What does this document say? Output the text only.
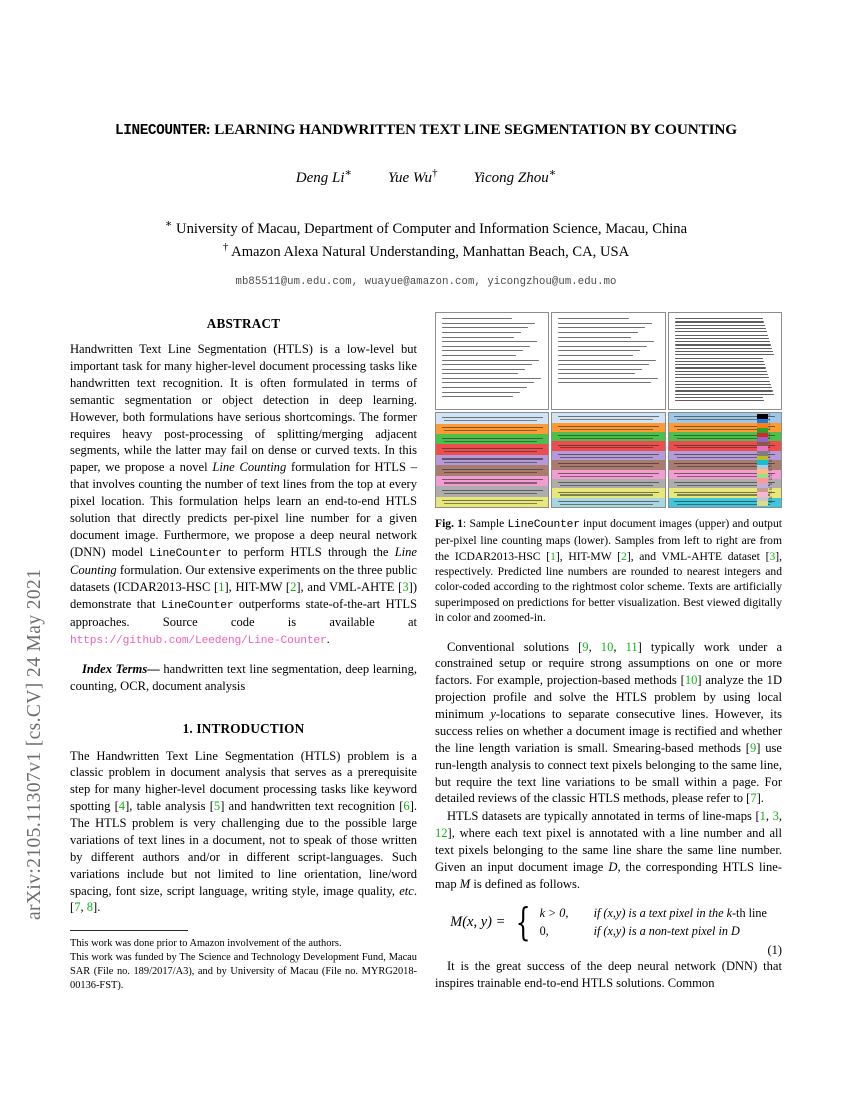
arXiv:2105.11307v1 [cs.CV] 24 May 2021
LINECOUNTER: LEARNING HANDWRITTEN TEXT LINE SEGMENTATION BY COUNTING
Deng Li∗ Yue Wu† Yicong Zhou∗
∗ University of Macau, Department of Computer and Information Science, Macau, China
† Amazon Alexa Natural Understanding, Manhattan Beach, CA, USA
mb85511@um.edu.com, wuayue@amazon.com, yicongzhou@um.edu.mo
ABSTRACT

Handwritten Text Line Segmentation (HTLS) is a low-level but important task for many higher-level document processing tasks like handwritten text recognition. It is often formulated in terms of semantic segmentation or object detection in deep learning. However, both formulations have serious shortcomings. The former requires heavy post-processing of splitting/merging adjacent segments, while the latter may fail on dense or curved texts. In this paper, we propose a novel Line Counting formulation for HTLS – that involves counting the number of text lines from the top at every pixel location. This formulation helps learn an end-to-end HTLS solution that directly predicts per-pixel line number for a given document image. Furthermore, we propose a deep neural network (DNN) model LineCounter to perform HTLS through the Line Counting formulation. Our extensive experiments on the three public datasets (ICDAR2013-HSC [1], HIT-MW [2], and VML-AHTE [3]) demonstrate that LineCounter outperforms state-of-the-art HTLS approaches. Source code is available at https://github.com/Leedeng/Line-Counter.

Index Terms— handwritten text line segmentation, deep learning, counting, OCR, document analysis

1. INTRODUCTION

The Handwritten Text Line Segmentation (HTLS) problem is a classic problem in document analysis that serves as a prerequisite step for many higher-level document processing tasks like keyword spotting [4], table analysis [5] and handwritten text recognition [6]. The HTLS problem is very challenging due to the possible large variations of text lines in a document, not to speak of those written by different authors and/or in different script-languages. Such variations include but not limited to line orientation, line/word spacing, font size, script language, writing style, image quality, etc. [7, 8].

This work was done prior to Amazon involvement of the authors.

This work was funded by The Science and Technology Development Fund, Macau SAR (File no. 189/2017/A3), and by University of Macau (File no. MYRG2018-00136-FST).

0
1
2
3
4
5
6
7
8
9
10
11
12
13
14
15
16
17
18
19
Fig. 1: Sample LineCounter input document images (upper) and output per-pixel line counting maps (lower). Samples from left to right are from the ICDAR2013-HSC [1], HIT-MW [2], and VML-AHTE dataset [3], respectively. Predicted line numbers are rounded to nearest integers and color-coded according to the rightmost color scheme. Texts are artificially superimposed on predictions for better visualization. Best viewed digitally in color and zoomed-in.

Conventional solutions [9, 10, 11] typically work under a constrained setup or require strong assumptions on one or more factors. For example, projection-based methods [10] analyze the 1D projection profile and solve the HTLS problem by using local minimum y-locations to separate consecutive lines. However, its success relies on whether a document image is rectified and whether the line length variation is small. Smearing-based methods [9] use run-length analysis to connect text pixels belonging to the same line, but require the text line variations to be small within a page. For detailed reviews of the classic HTLS methods, please refer to [7].

HTLS datasets are typically annotated in terms of line-maps [1, 3, 12], where each text pixel is annotated with a line number and all text pixels belonging to the same line share the same line number. Given an input document image D, the corresponding HTLS line-map M is defined as follows.

M(x, y) = { k > 0,	if (x,y) is a text pixel in the k-th line
0,	if (x,y) is a non-text pixel in D
(1)

It is the great success of the deep neural network (DNN) that inspires trainable end-to-end HTLS solutions. Common
